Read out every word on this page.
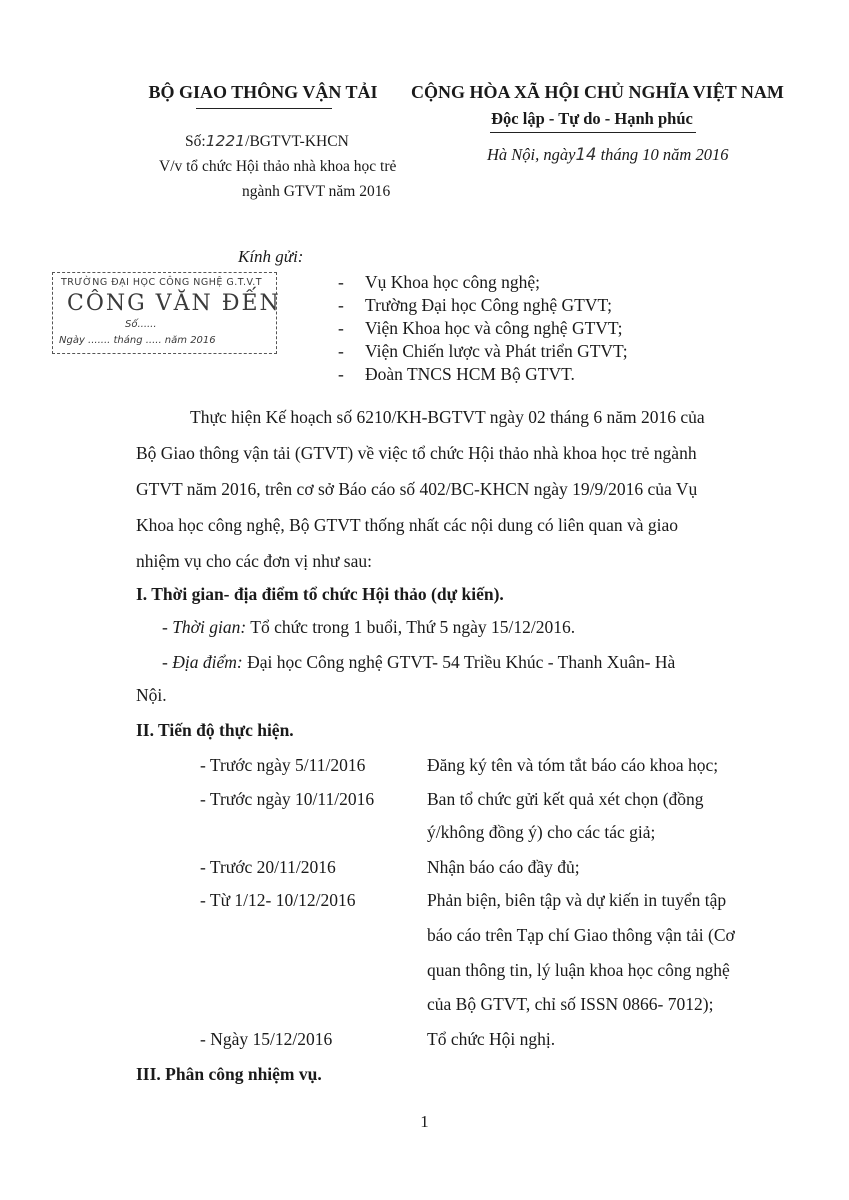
BỘ GIAO THÔNG VẬN TẢI
Số:1221/BGTVT-KHCN
V/v tổ chức Hội thảo nhà khoa học trẻ
ngành GTVT năm 2016
CỘNG HÒA XÃ HỘI CHỦ NGHĨA VIỆT NAM
Độc lập - Tự do - Hạnh phúc
Hà Nội, ngày14 tháng 10 năm 2016
Kính gửi:
TRƯỜNG ĐẠI HỌC CÔNG NGHỆ G.T.V.T
CÔNG VĂN ĐẾN
Số......
Ngày ....... tháng ..... năm 2016
- Vụ Khoa học công nghệ;
- Trường Đại học Công nghệ GTVT;
- Viện Khoa học và công nghệ GTVT;
- Viện Chiến lược và Phát triển GTVT;
- Đoàn TNCS HCM Bộ GTVT.
Thực hiện Kế hoạch số 6210/KH-BGTVT ngày 02 tháng 6 năm 2016 của
Bộ Giao thông vận tải (GTVT) về việc tổ chức Hội thảo nhà khoa học trẻ ngành
GTVT năm 2016, trên cơ sở Báo cáo số 402/BC-KHCN ngày 19/9/2016 của Vụ
Khoa học công nghệ, Bộ GTVT thống nhất các nội dung có liên quan và giao
nhiệm vụ cho các đơn vị như sau:
I. Thời gian- địa điểm tổ chức Hội thảo (dự kiến).
- Thời gian: Tổ chức trong 1 buổi, Thứ 5 ngày 15/12/2016.
- Địa điểm: Đại học Công nghệ GTVT- 54 Triều Khúc - Thanh Xuân- Hà
Nội.
II. Tiến độ thực hiện.
- Trước ngày 5/11/2016	Đăng ký tên và tóm tắt báo cáo khoa học;
- Trước ngày 10/11/2016	Ban tổ chức gửi kết quả xét chọn (đồng
ý/không đồng ý) cho các tác giả;
- Trước 20/11/2016	Nhận báo cáo đầy đủ;
- Từ 1/12- 10/12/2016	Phản biện, biên tập và dự kiến in tuyển tập
báo cáo trên Tạp chí Giao thông vận tải (Cơ
quan thông tin, lý luận khoa học công nghệ
của Bộ GTVT, chỉ số ISSN 0866- 7012);
- Ngày 15/12/2016	Tổ chức Hội nghị.
III. Phân công nhiệm vụ.
1
